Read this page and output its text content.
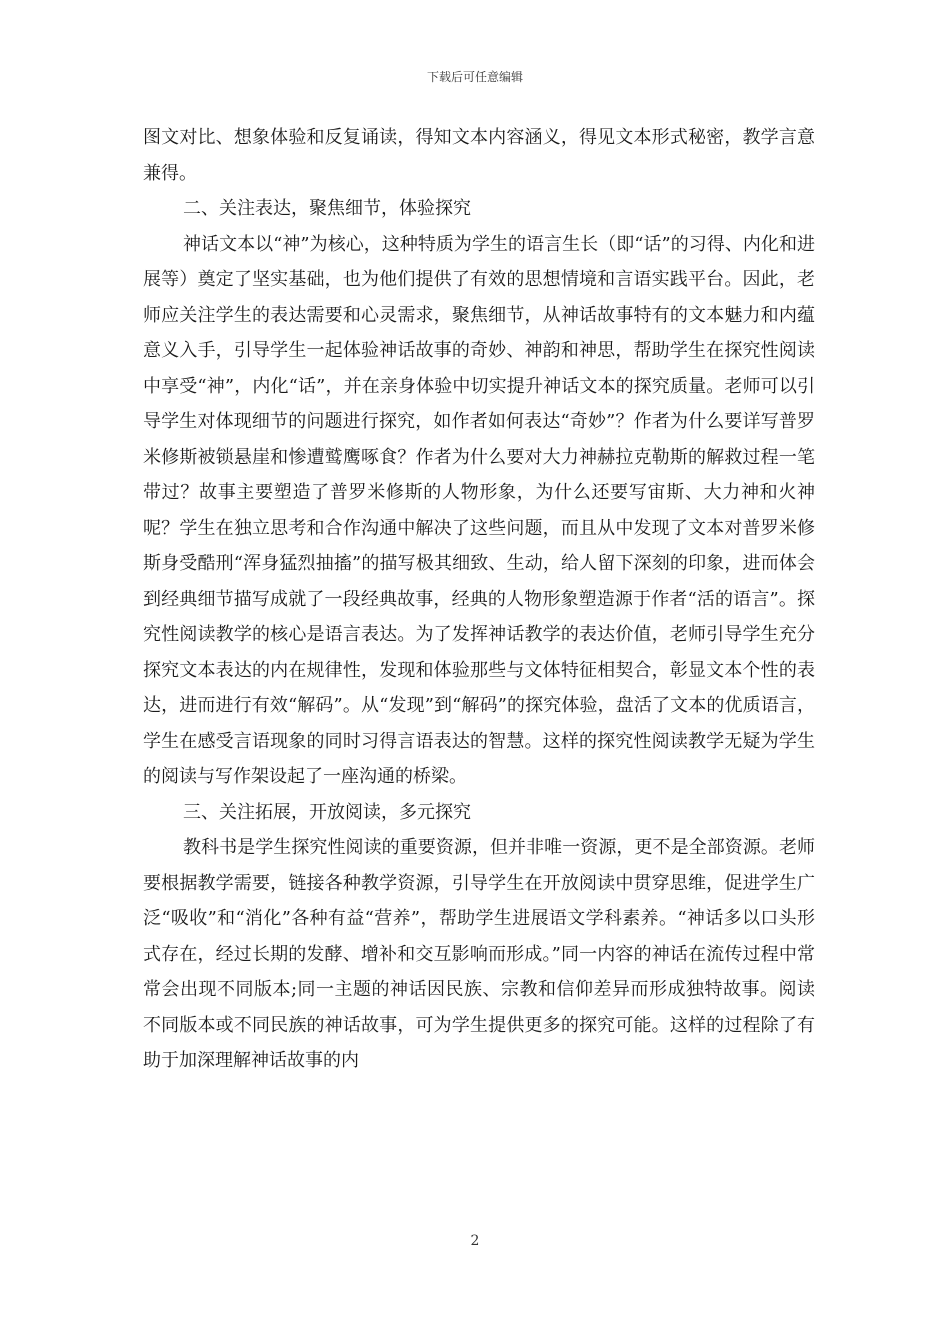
下载后可任意编辑

图文对比、想象体验和反复诵读，得知文本内容涵义，得见文本形式秘密，教学言意兼得。

二、关注表达，聚焦细节，体验探究

神话文本以“神”为核心，这种特质为学生的语言生长（即“话”的习得、内化和进展等）奠定了坚实基础，也为他们提供了有效的思想情境和言语实践平台。因此，老师应关注学生的表达需要和心灵需求，聚焦细节，从神话故事特有的文本魅力和内蕴意义入手，引导学生一起体验神话故事的奇妙、神韵和神思，帮助学生在探究性阅读中享受“神”，内化“话”，并在亲身体验中切实提升神话文本的探究质量。老师可以引导学生对体现细节的问题进行探究，如作者如何表达“奇妙”？作者为什么要详写普罗米修斯被锁悬崖和惨遭鹫鹰啄食？作者为什么要对大力神赫拉克勒斯的解救过程一笔带过？故事主要塑造了普罗米修斯的人物形象，为什么还要写宙斯、大力神和火神呢？学生在独立思考和合作沟通中解决了这些问题，而且从中发现了文本对普罗米修斯身受酷刑“浑身猛烈抽搐”的描写极其细致、生动，给人留下深刻的印象，进而体会到经典细节描写成就了一段经典故事，经典的人物形象塑造源于作者“活的语言”。探究性阅读教学的核心是语言表达。为了发挥神话教学的表达价值，老师引导学生充分探究文本表达的内在规律性，发现和体验那些与文体特征相契合，彰显文本个性的表达，进而进行有效“解码”。从“发现”到“解码”的探究体验，盘活了文本的优质语言，学生在感受言语现象的同时习得言语表达的智慧。这样的探究性阅读教学无疑为学生的阅读与写作架设起了一座沟通的桥梁。

三、关注拓展，开放阅读，多元探究

教科书是学生探究性阅读的重要资源，但并非唯一资源，更不是全部资源。老师要根据教学需要，链接各种教学资源，引导学生在开放阅读中贯穿思维，促进学生广泛“吸收”和“消化”各种有益“营养”，帮助学生进展语文学科素养。“神话多以口头形式存在，经过长期的发酵、增补和交互影响而形成。”同一内容的神话在流传过程中常常会出现不同版本;同一主题的神话因民族、宗教和信仰差异而形成独特故事。阅读不同版本或不同民族的神话故事，可为学生提供更多的探究可能。这样的过程除了有助于加深理解神话故事的内

2
